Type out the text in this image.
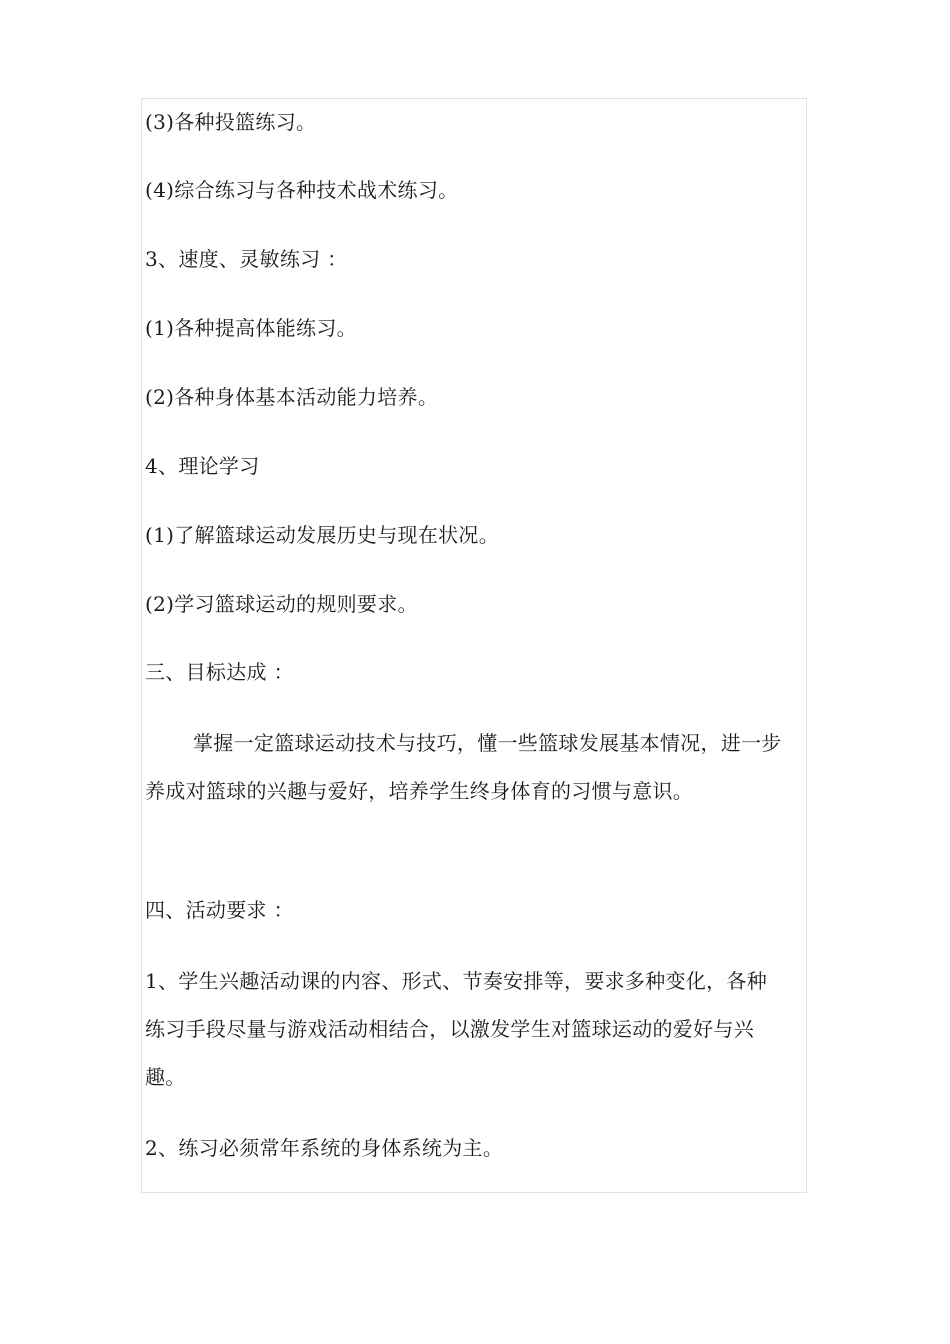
(3)各种投篮练习。
(4)综合练习与各种技术战术练习。
3、速度、灵敏练习 ：
(1)各种提高体能练习。
(2)各种身体基本活动能力培养。
4、理论学习
(1)了解篮球运动发展历史与现在状况。
(2)学习篮球运动的规则要求。
三、目标达成 ：
掌握一定篮球运动技术与技巧，懂一些篮球发展基本情况，进一步养成对篮球的兴趣与爱好，培养学生终身体育的习惯与意识。
四、活动要求 ：
1、学生兴趣活动课的内容、形式、节奏安排等，要求多种变化，各种练习手段尽量与游戏活动相结合，以激发学生对篮球运动的爱好与兴趣。
2、练习必须常年系统的身体系统为主。
